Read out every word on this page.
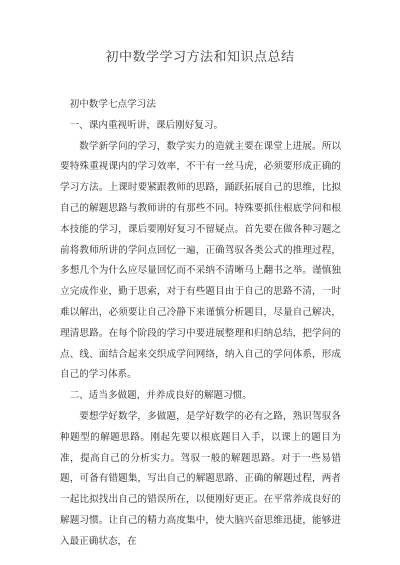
初中数学学习方法和知识点总结

初中数学七点学习法

一、课内重视听讲，课后刚好复习。

数学新学问的学习，数学实力的造就主要在课堂上进展。所以要特殊重视课内的学习效率，不干有一丝马虎，必须要形成正确的学习方法。上课时要紧跟教师的思路，踊跃拓展自己的思维，比拟自己的解题思路与教师讲的有那些不同。特殊要抓住根底学问和根本技能的学习，课后要刚好复习不留疑点。首先要在做各种习题之前将教师所讲的学问点回忆一遍，正确驾驭各类公式的推理过程，多想几个为什么应尽量回忆而不采纳不清晰马上翻书之举。谨慎独立完成作业，勤于思索，对于有些题目由于自己的思路不清，一时难以解出，必须要让自己冷静下来谨慎分析题目，尽量自己解决，理清思路。在每个阶段的学习中要进展整理和归纳总结，把学问的点、线、面结合起来交织成学问网络，纳入自己的学问体系，形成自己的学习体系。

二、适当多做题，并养成良好的解题习惯。

要想学好数学，多做题，是学好数学的必有之路，熟识驾驭各种题型的解题思路。刚起先要以根底题目入手，以课上的题目为准，提高自己的分析实力。驾驭一般的解题思路。对于一些易错题，可备有错题集，写出自己的解题思路、正确的解题过程，两者一起比拟找出自己的错误所在，以便刚好更正。在平常养成良好的解题习惯。让自己的精力高度集中，使大脑兴奋思维迅捷，能够进入最正确状态，在
